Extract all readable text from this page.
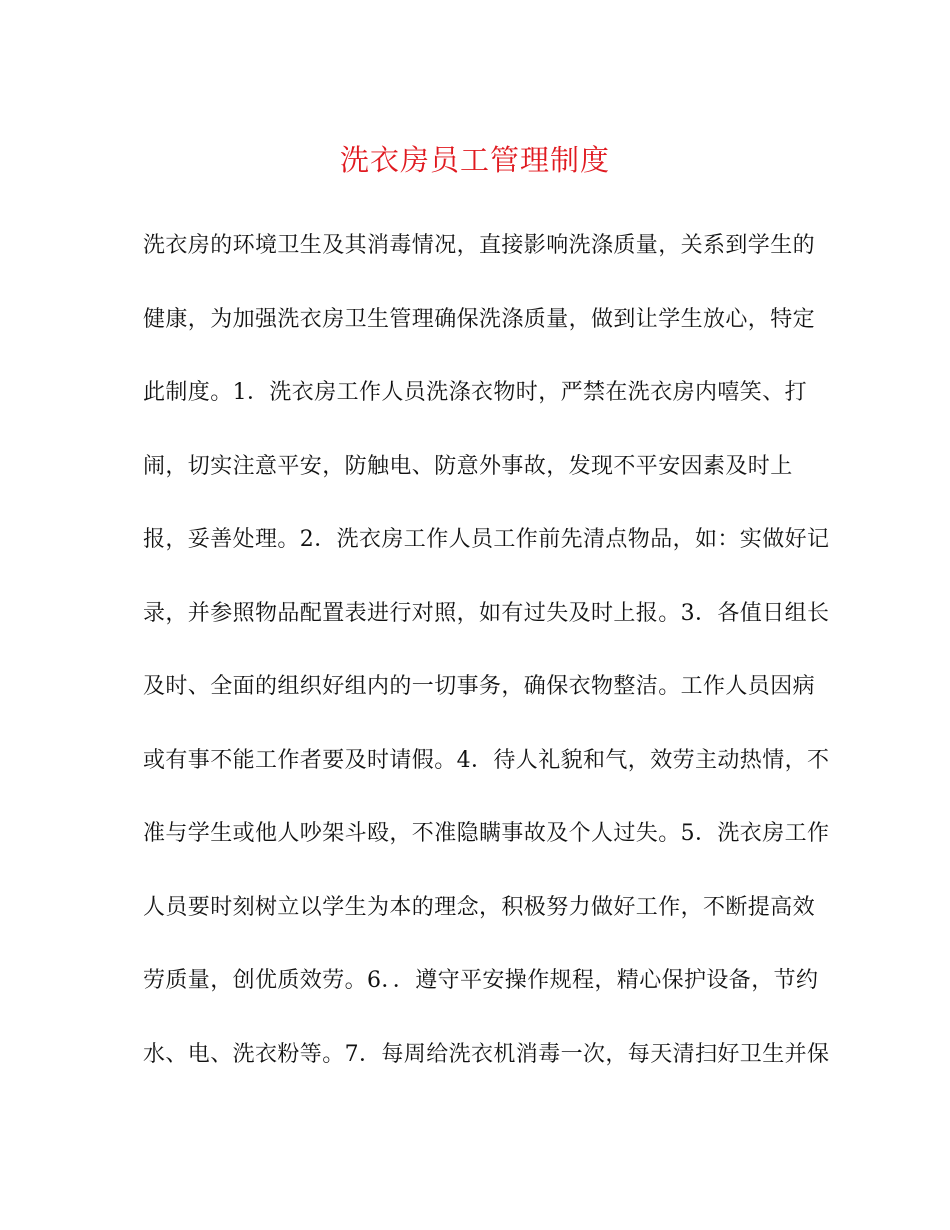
洗衣房员工管理制度
洗衣房的环境卫生及其消毒情况，直接影响洗涤质量，关系到学生的
健康，为加强洗衣房卫生管理确保洗涤质量，做到让学生放心，特定
此制度。1．洗衣房工作人员洗涤衣物时，严禁在洗衣房内嘻笑、打
闹，切实注意平安，防触电、防意外事故，发现不平安因素及时上
报，妥善处理。2．洗衣房工作人员工作前先清点物品，如：实做好记
录，并参照物品配置表进行对照，如有过失及时上报。3．各值日组长
及时、全面的组织好组内的一切事务，确保衣物整洁。工作人员因病
或有事不能工作者要及时请假。4．待人礼貌和气，效劳主动热情，不
准与学生或他人吵架斗殴，不准隐瞒事故及个人过失。5．洗衣房工作
人员要时刻树立以学生为本的理念，积极努力做好工作，不断提高效
劳质量，创优质效劳。6．．遵守平安操作规程，精心保护设备，节约
水、电、洗衣粉等。7．每周给洗衣机消毒一次，每天清扫好卫生并保
